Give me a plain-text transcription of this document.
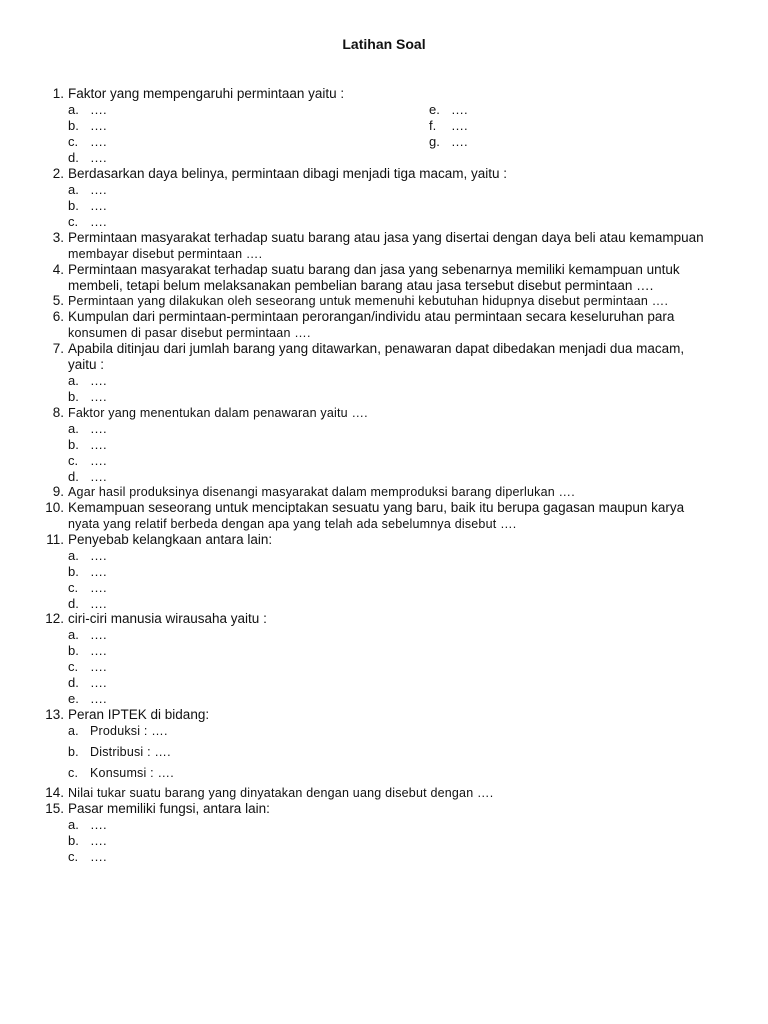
Latihan Soal
1. Faktor yang mempengaruhi permintaan yaitu :
a. ….
b. ….
c. ….
d. ….
e. ….
f. ….
g. ….
2. Berdasarkan daya belinya, permintaan dibagi menjadi tiga macam, yaitu :
a. ….
b. ….
c. ….
3. Permintaan masyarakat terhadap suatu barang atau jasa yang disertai dengan daya beli atau kemampuan
membayar disebut permintaan ….
4. Permintaan masyarakat terhadap suatu barang dan jasa yang sebenarnya memiliki kemampuan untuk
membeli, tetapi belum melaksanakan pembelian barang atau jasa tersebut disebut permintaan ….
5. Permintaan yang dilakukan oleh seseorang untuk memenuhi kebutuhan hidupnya disebut permintaan ….
6. Kumpulan dari permintaan-permintaan perorangan/individu atau permintaan secara keseluruhan para
konsumen di pasar disebut permintaan ….
7. Apabila ditinjau dari jumlah barang yang ditawarkan, penawaran dapat dibedakan menjadi dua macam,
yaitu :
a. ….
b. ….
8. Faktor yang menentukan dalam penawaran yaitu ….
a. ….
b. ….
c. ….
d. ….
9. Agar hasil produksinya disenangi masyarakat dalam memproduksi barang diperlukan ….
10. Kemampuan seseorang untuk menciptakan sesuatu yang baru, baik itu berupa gagasan maupun karya
nyata yang relatif berbeda dengan apa yang telah ada sebelumnya disebut ….
11. Penyebab kelangkaan antara lain:
a. ….
b. ….
c. ….
d. ….
12. ciri-ciri manusia wirausaha yaitu :
a. ….
b. ….
c. ….
d. ….
e. ….
13. Peran IPTEK di bidang:
a. Produksi : ….
b. Distribusi : ….
c. Konsumsi : ….
14. Nilai tukar suatu barang yang dinyatakan dengan uang disebut dengan ….
15. Pasar memiliki fungsi, antara lain:
a. ….
b. ….
c. ….
